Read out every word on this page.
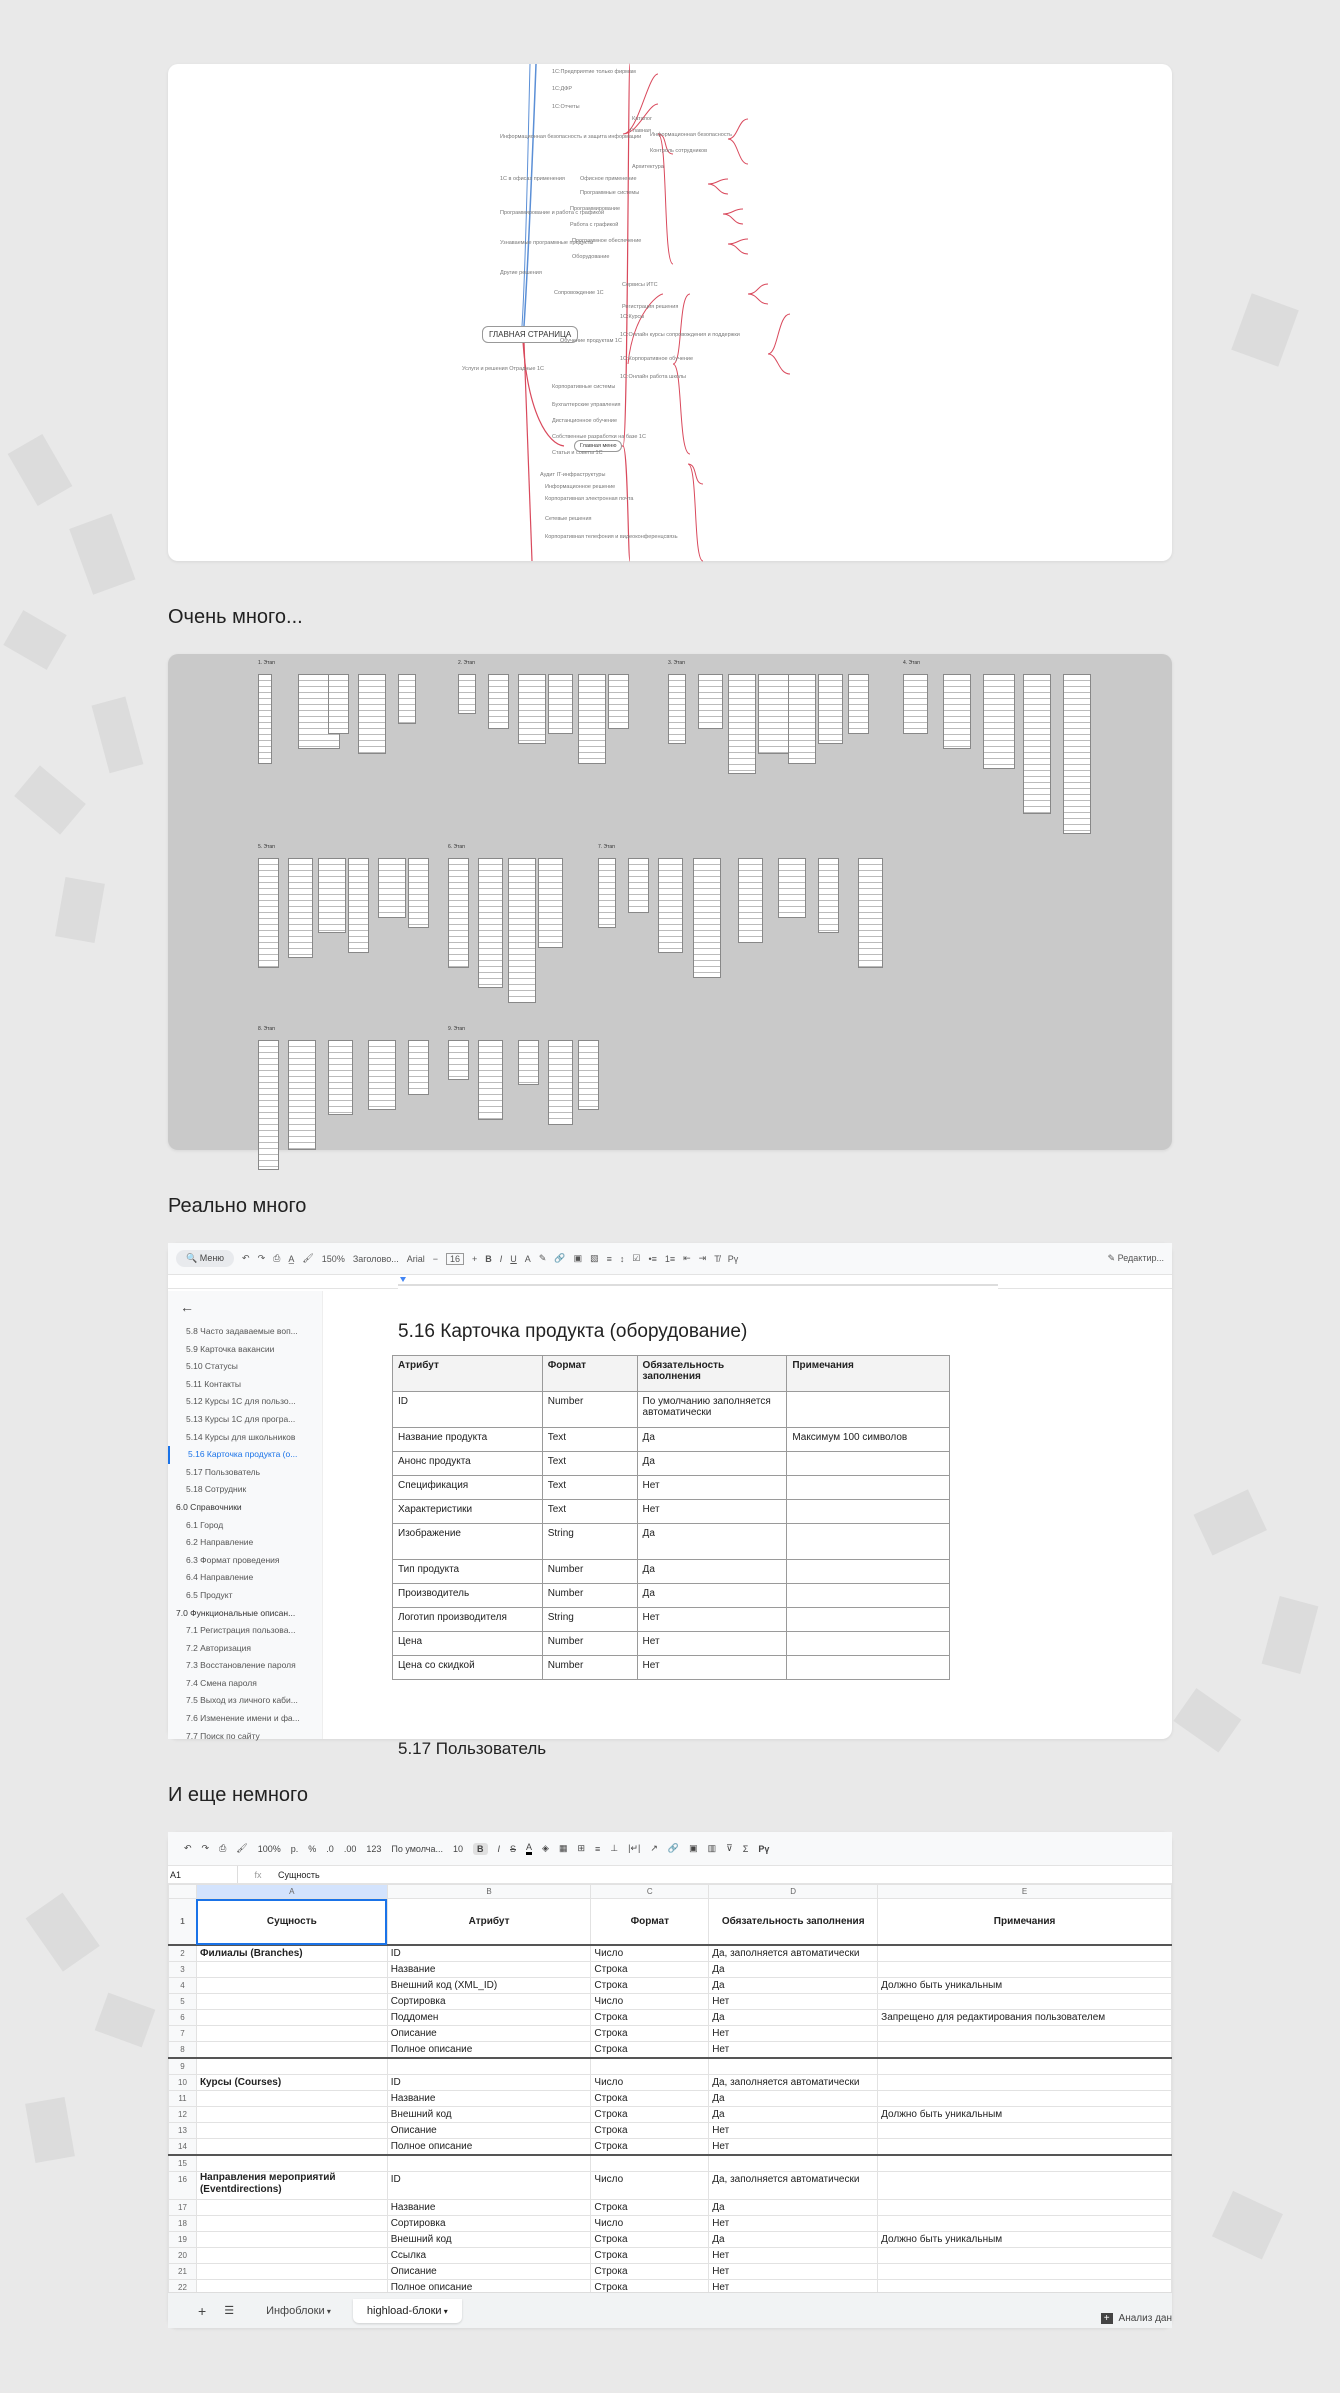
ГЛАВНАЯ СТРАНИЦА
Главная меню
Главная
1С:Предприятие только фирмам
1С:ДФР
1С:Отчеты
Каталог
Информационная безопасность
Контроль сотрудников
Архитектура
Информационная безопасность и защита информации
1С в офисах применения	Офисное применение
Программные системы
Программирование и работа с графикой
Программирование
Работа с графикой
Узнаваемые программные продукты
Программное обеспечение
Оборудование
Другие решения
Сопровождение 1С
Сервисы ИТС
Регистрация решения
Обучение продуктам 1С
1С:Курсы
1С:Онлайн курсы сопровождения и поддержки
1С:Корпоративное обучение
1С:Онлайн работа школы
Услуги и решения Отрадные 1С
Корпоративные системы
Бухгалтерские управления
Дистанционное обучение
Собственные разработки на базе 1С
Статьи и советы 1С
Аудит IT-инфраструктуры
Информационное решение
Корпоративная электронная почта
Сетевые решения
Корпоративная телефония и видеоконференцсвязь
Очень много...
1. Этап	2. Этап	3. Этап	4. Этап
5. Этап	6. Этап	7. Этап
8. Этап	9. Этап
Реально много
🔍 Меню	↶ ↷ ⎙ A̲ 🖌 150% Заголово... Arial −	16	+ B I U A ✎ 🔗 ▣ ▧ ≡ ↕ ☑ •≡ 1≡ ⇤ ⇥ T̸ Рү	✎ Редактир...
←
5.8 Часто задаваемые воп...
5.9 Карточка вакансии
5.10 Статусы
5.11 Контакты
5.12 Курсы 1С для пользо...
5.13 Курсы 1С для програ...
5.14 Курсы для школьников
5.16 Карточка продукта (о...
5.17 Пользователь
5.18 Сотрудник
6.0 Справочники
6.1 Город
6.2 Направление
6.3 Формат проведения
6.4 Направление
6.5 Продукт
7.0 Функциональные описан...
7.1 Регистрация пользова...
7.2 Авторизация
7.3 Восстановление пароля
7.4 Смена пароля
7.5 Выход из личного каби...
7.6 Изменение имени и фа...
7.7 Поиск по сайту
5.16 Карточка продукта (оборудование)
Атрибут	Формат	Обязательность заполнения	Примечания
ID	Number	По умолчанию заполняется автоматически	
Название продукта	Text	Да	Максимум 100 символов
Анонс продукта	Text	Да	
Спецификация	Text	Нет	
Характеристики	Text	Нет	
Изображение	String	Да	
Тип продукта	Number	Да	
Производитель	Number	Да	
Логотип производителя	String	Нет	
Цена	Number	Нет	
Цена со скидкой	Number	Нет	
5.17 Пользователь
И еще немного
↶ ↷ ⎙ 🖌 100% р. % .0 .00 123 По умолча... 10	B	I S A ◈ ▦ ⊞ ≡ ⊥ |↵| ↗ 🔗 ▣ ▥ ⊽ Σ Рү
A1	fx	Сущность
	A	B	C	D	E
1	Сущность	Атрибут	Формат	Обязательность заполнения	Примечания
2	Филиалы (Branches)	ID	Число	Да, заполняется автоматически	
3		Название	Строка	Да	
4		Внешний код (XML_ID)	Строка	Да	Должно быть уникальным
5		Сортировка	Число	Нет	
6		Поддомен	Строка	Да	Запрещено для редактирования пользователем
7		Описание	Строка	Нет	
8		Полное описание	Строка	Нет	
9					
10	Курсы (Courses)	ID	Число	Да, заполняется автоматически	
11		Название	Строка	Да	
12		Внешний код	Строка	Да	Должно быть уникальным
13		Описание	Строка	Нет	
14		Полное описание	Строка	Нет	
15					
16	Направления мероприятий (Eventdirections)	ID	Число	Да, заполняется автоматически	
17		Название	Строка	Да	
18		Сортировка	Число	Нет	
19		Внешний код	Строка	Да	Должно быть уникальным
20		Ссылка	Строка	Нет	
21		Описание	Строка	Нет	
22		Полное описание	Строка	Нет	

+ ☰	Инфоблоки ▾	highload-блоки ▾
+ Анализ дан
